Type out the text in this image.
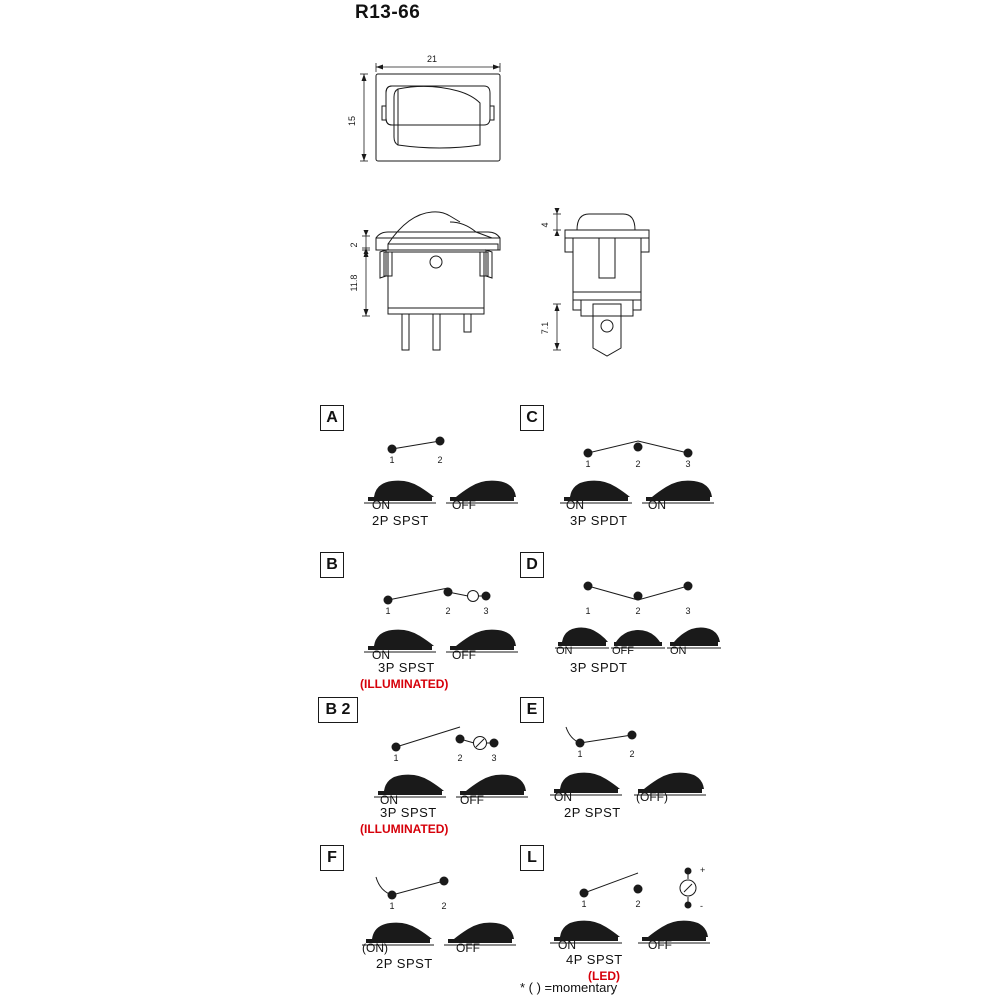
R13-66
21
15
2
11.8
4
7.1
A
1	2
ON	OFF
2P SPST
C
1	2	3
ON	ON
3P SPDT
B
1	2	3
ON	OFF
3P SPST
(ILLUMINATED)
D
1	2	3
ON	OFF	ON
3P SPDT
B 2
1	2	3
ON	OFF
3P SPST
(ILLUMINATED)
E
1	2
ON	(OFF)
2P SPST
F
1	2
(ON)	OFF
2P SPST
L
1	2
+
-
ON	OFF
4P SPST
(LED)
* ( ) =momentary
